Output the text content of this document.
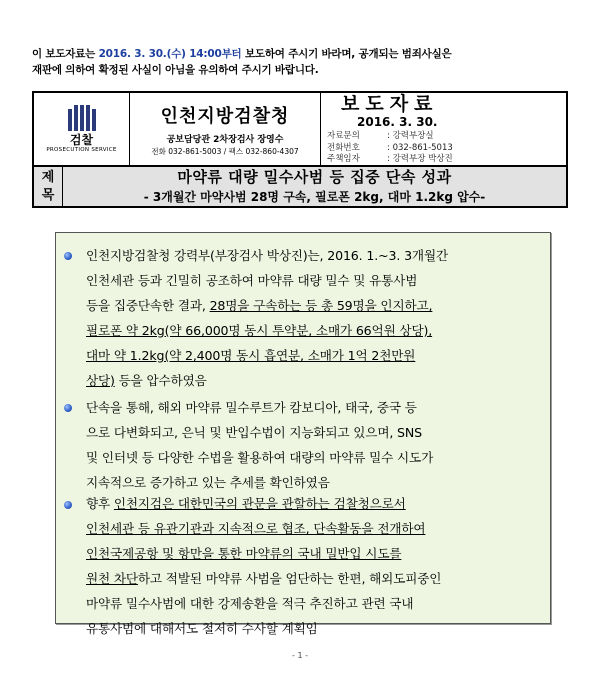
이 보도자료는 2016. 3. 30.(수) 14:00부터 보도하여 주시기 바라며, 공개되는 범죄사실은
재판에 의하여 확정된 사실이 아님을 유의하여 주시기 바랍니다.
검찰
PROSECUTION SERVICE

인천지방검찰청
공보담당관 2차장검사 장영수
전화 032-861-5003 / 팩스 032-860-4307

보도자료
2016. 3. 30.
자료문의	: 강력부장실
전화번호	: 032-861-5013
주책임자	: 강력부장 박상진
제
목

마약류 대량 밀수사범 등 집중 단속 성과
- 3개월간 마약사범 28명 구속, 필로폰 2kg, 대마 1.2kg 압수-
인천지방검찰청 강력부(부장검사 박상진)는, 2016. 1.~3. 3개월간
인천세관 등과 긴밀히 공조하여 마약류 대량 밀수 및 유통사범
등을 집중단속한 결과, 28명을 구속하는 등 총 59명을 인지하고,
필로폰 약 2kg(약 66,000명 동시 투약분, 소매가 66억원 상당),
대마 약 1.2kg(약 2,400명 동시 흡연분, 소매가 1억 2천만원
상당) 등을 압수하였음
단속을 통해, 해외 마약류 밀수루트가 캄보디아, 태국, 중국 등
으로 다변화되고, 은닉 및 반입수법이 지능화되고 있으며, SNS
및 인터넷 등 다양한 수법을 활용하여 대량의 마약류 밀수 시도가
지속적으로 증가하고 있는 추세를 확인하였음
향후 인천지검은 대한민국의 관문을 관할하는 검찰청으로서
인천세관 등 유관기관과 지속적으로 협조, 단속활동을 전개하여
인천국제공항 및 항만을 통한 마약류의 국내 밀반입 시도를
원천 차단하고 적발된 마약류 사범을 엄단하는 한편, 해외도피중인
마약류 밀수사범에 대한 강제송환을 적극 추진하고 관련 국내
유통사범에 대해서도 철저히 수사할 계획임
- 1 -
